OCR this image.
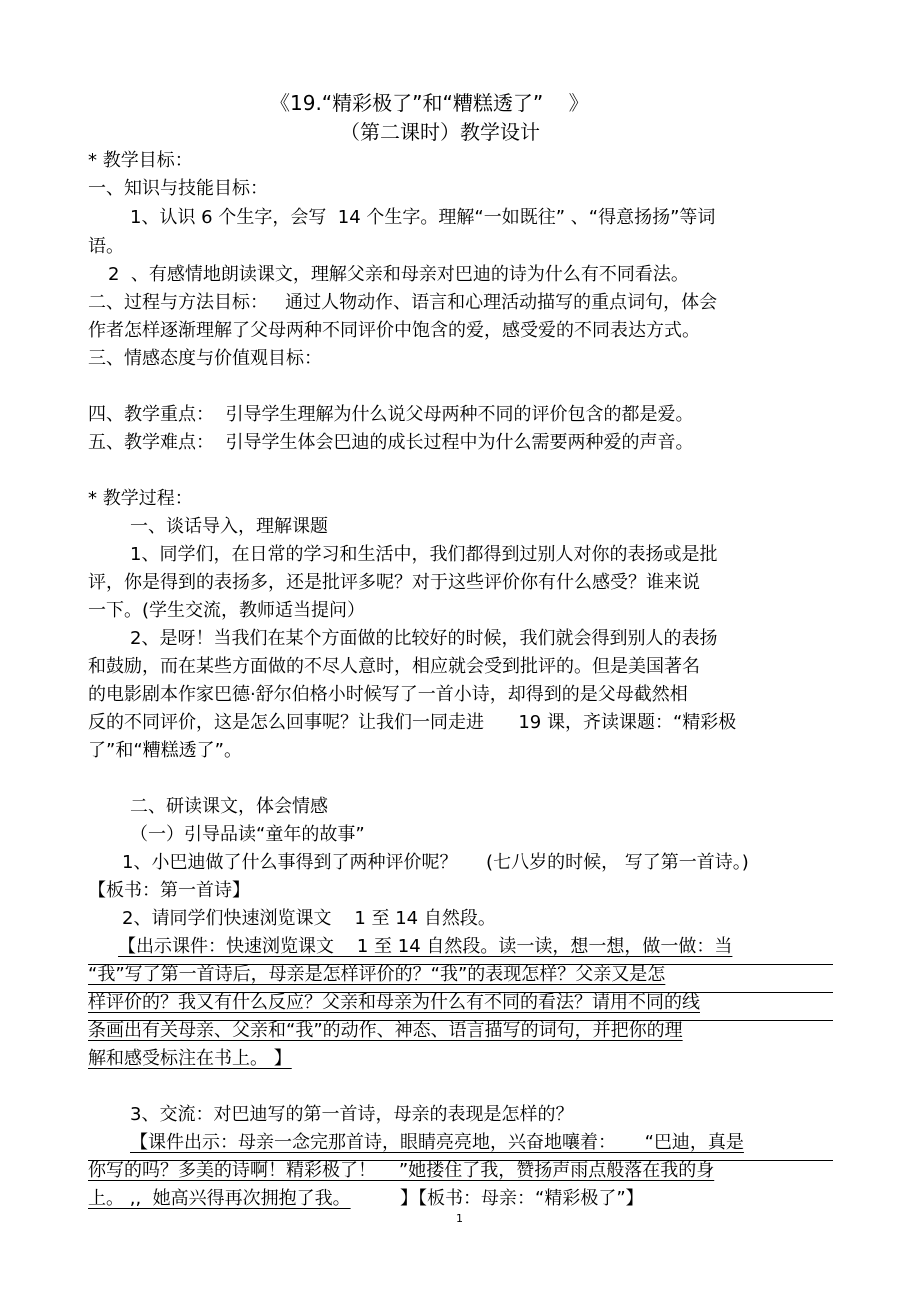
《19.“精彩极了”和“糟糕透了”    》
（第二课时）教学设计
* 教学目标：
一、知识与技能目标：
1、认识 6 个生字，会写  14 个生字。理解“一如既往” 、“得意扬扬”等词
语。
2  、有感情地朗读课文，理解父亲和母亲对巴迪的诗为什么有不同看法。
二、过程与方法目标：   通过人物动作、语言和心理活动描写的重点词句，体会
作者怎样逐渐理解了父母两种不同评价中饱含的爱，感受爱的不同表达方式。
三、情感态度与价值观目标：
四、教学重点：  引导学生理解为什么说父母两种不同的评价包含的都是爱。
五、教学难点：  引导学生体会巴迪的成长过程中为什么需要两种爱的声音。
* 教学过程：
一、谈话导入，理解课题
1、同学们，在日常的学习和生活中，我们都得到过别人对你的表扬或是批
评，你是得到的表扬多，还是批评多呢？对于这些评价你有什么感受？谁来说
一下。(学生交流，教师适当提问）
2、是呀！当我们在某个方面做的比较好的时候，我们就会得到别人的表扬
和鼓励，而在某些方面做的不尽人意时，相应就会受到批评的。但是美国著名
的电影剧本作家巴德·舒尔伯格小时候写了一首小诗，却得到的是父母截然相
反的不同评价，这是怎么回事呢？让我们一同走进      19 课，齐读课题：“精彩极
了”和“糟糕透了”。
二、研读课文，体会情感
（一）引导品读“童年的故事”
1、小巴迪做了什么事得到了两种评价呢？     (七八岁的时候， 写了第一首诗。)
【板书：第一首诗】
2、请同学们快速浏览课文    1 至 14 自然段。
【出示课件：快速浏览课文    1 至 14 自然段。读一读，想一想，做一做：当
“我”写了第一首诗后，母亲是怎样评价的？“我”的表现怎样？父亲又是怎
样评价的？我又有什么反应？父亲和母亲为什么有不同的看法？请用不同的线
条画出有关母亲、父亲和“我”的动作、神态、语言描写的词句，并把你的理
解和感受标注在书上。 】
3、交流：对巴迪写的第一首诗，母亲的表现是怎样的？
【课件出示：母亲一念完那首诗，眼睛亮亮地，兴奋地嚷着：     “巴迪，真是
你写的吗？多美的诗啊！精彩极了！    ”她搂住了我，赞扬声雨点般落在我的身
上。 ,,  她高兴得再次拥抱了我。	】【板书：母亲：“精彩极了”】
1
